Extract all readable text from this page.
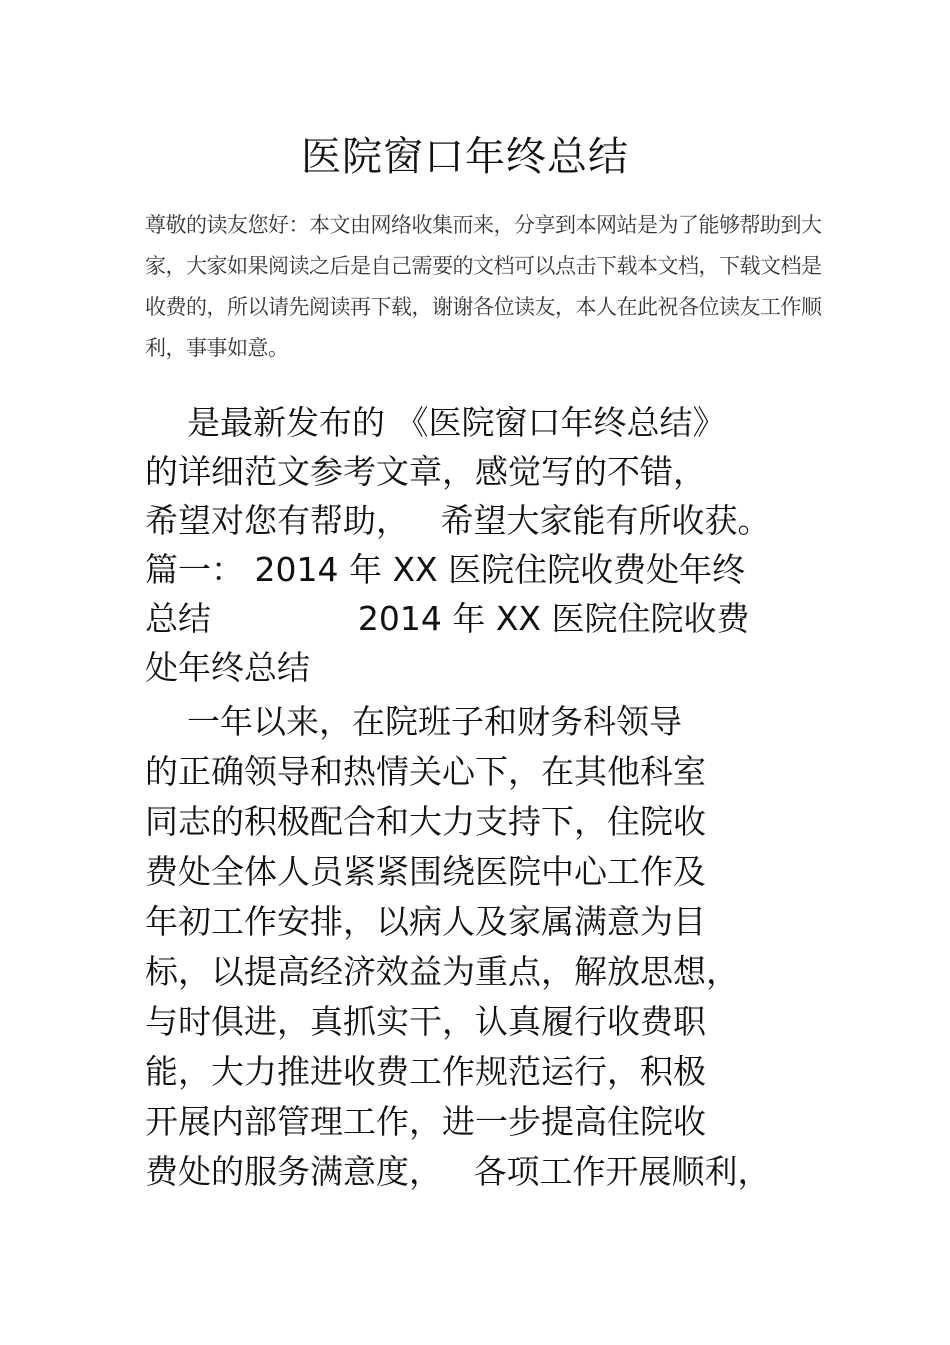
医院窗口年终总结
尊敬的读友您好：本文由网络收集而来，分享到本网站是为了能够帮助到大
家，大家如果阅读之后是自己需要的文档可以点击下载本文档，下载文档是
收费的，所以请先阅读再下载，谢谢各位读友，本人在此祝各位读友工作顺
利，事事如意。
是最新发布的 《医院窗口年终总结》
的详细范文参考文章，感觉写的不错，
希望对您有帮助，   希望大家能有所收获。
篇一： 2014 年 XX 医院住院收费处年终
总结              2014 年 XX 医院住院收费
处年终总结
一年以来，在院班子和财务科领导
的正确领导和热情关心下，在其他科室
同志的积极配合和大力支持下，住院收
费处全体人员紧紧围绕医院中心工作及
年初工作安排，以病人及家属满意为目
标，以提高经济效益为重点，解放思想，
与时俱进，真抓实干，认真履行收费职
能，大力推进收费工作规范运行，积极
开展内部管理工作，进一步提高住院收
费处的服务满意度，   各项工作开展顺利，
